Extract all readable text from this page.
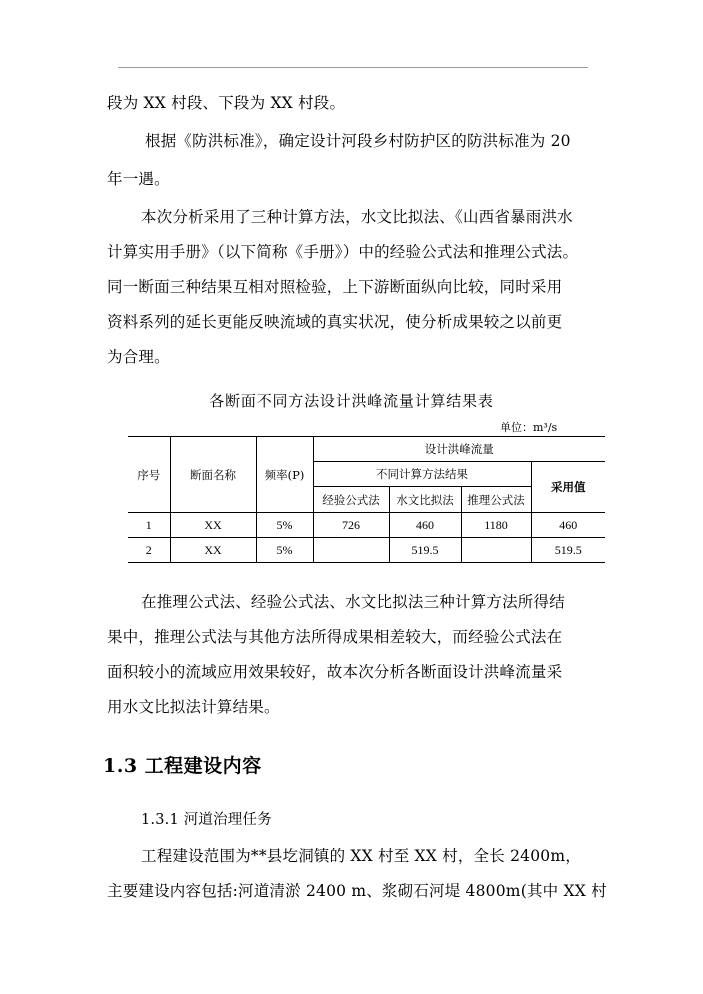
段为 XX 村段、下段为 XX 村段。
根据《防洪标准》，确定设计河段乡村防护区的防洪标准为 20
年一遇。
本次分析采用了三种计算方法，水文比拟法、《山西省暴雨洪水
计算实用手册》（以下简称《手册》）中的经验公式法和推理公式法。
同一断面三种结果互相对照检验，上下游断面纵向比较，同时采用
资料系列的延长更能反映流域的真实状况，使分析成果较之以前更
为合理。
各断面不同方法设计洪峰流量计算结果表
单位：m³/s
序号	断面名称	频率(P)	设计洪峰流量			
			不同计算方法结果			采用值
			经验公式法	水文比拟法	推理公式法	
1	XX	5%	726	460	1180	460
2	XX	5%		519.5		519.5
在推理公式法、经验公式法、水文比拟法三种计算方法所得结
果中，推理公式法与其他方法所得成果相差较大，而经验公式法在
面积较小的流域应用效果较好，故本次分析各断面设计洪峰流量采
用水文比拟法计算结果。
1.3 工程建设内容
1.3.1 河道治理任务
工程建设范围为**县圪洞镇的 XX 村至 XX 村，全长 2400m，
主要建设内容包括:河道清淤 2400 m、浆砌石河堤 4800m(其中 XX 村
